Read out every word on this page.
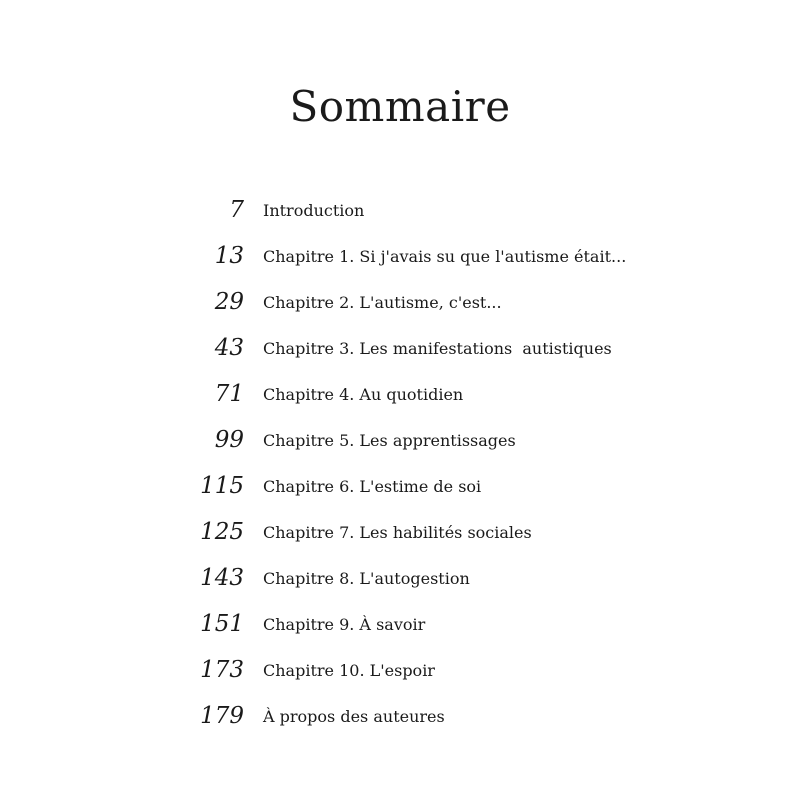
Sommaire
7 Introduction
13 Chapitre 1. Si j'avais su que l'autisme était...
29 Chapitre 2. L'autisme, c'est...
43 Chapitre 3. Les manifestations  autistiques
71 Chapitre 4. Au quotidien
99 Chapitre 5. Les apprentissages
115 Chapitre 6. L'estime de soi
125 Chapitre 7. Les habilités sociales
143 Chapitre 8. L'autogestion
151 Chapitre 9. À savoir
173 Chapitre 10. L'espoir
179 À propos des auteures
